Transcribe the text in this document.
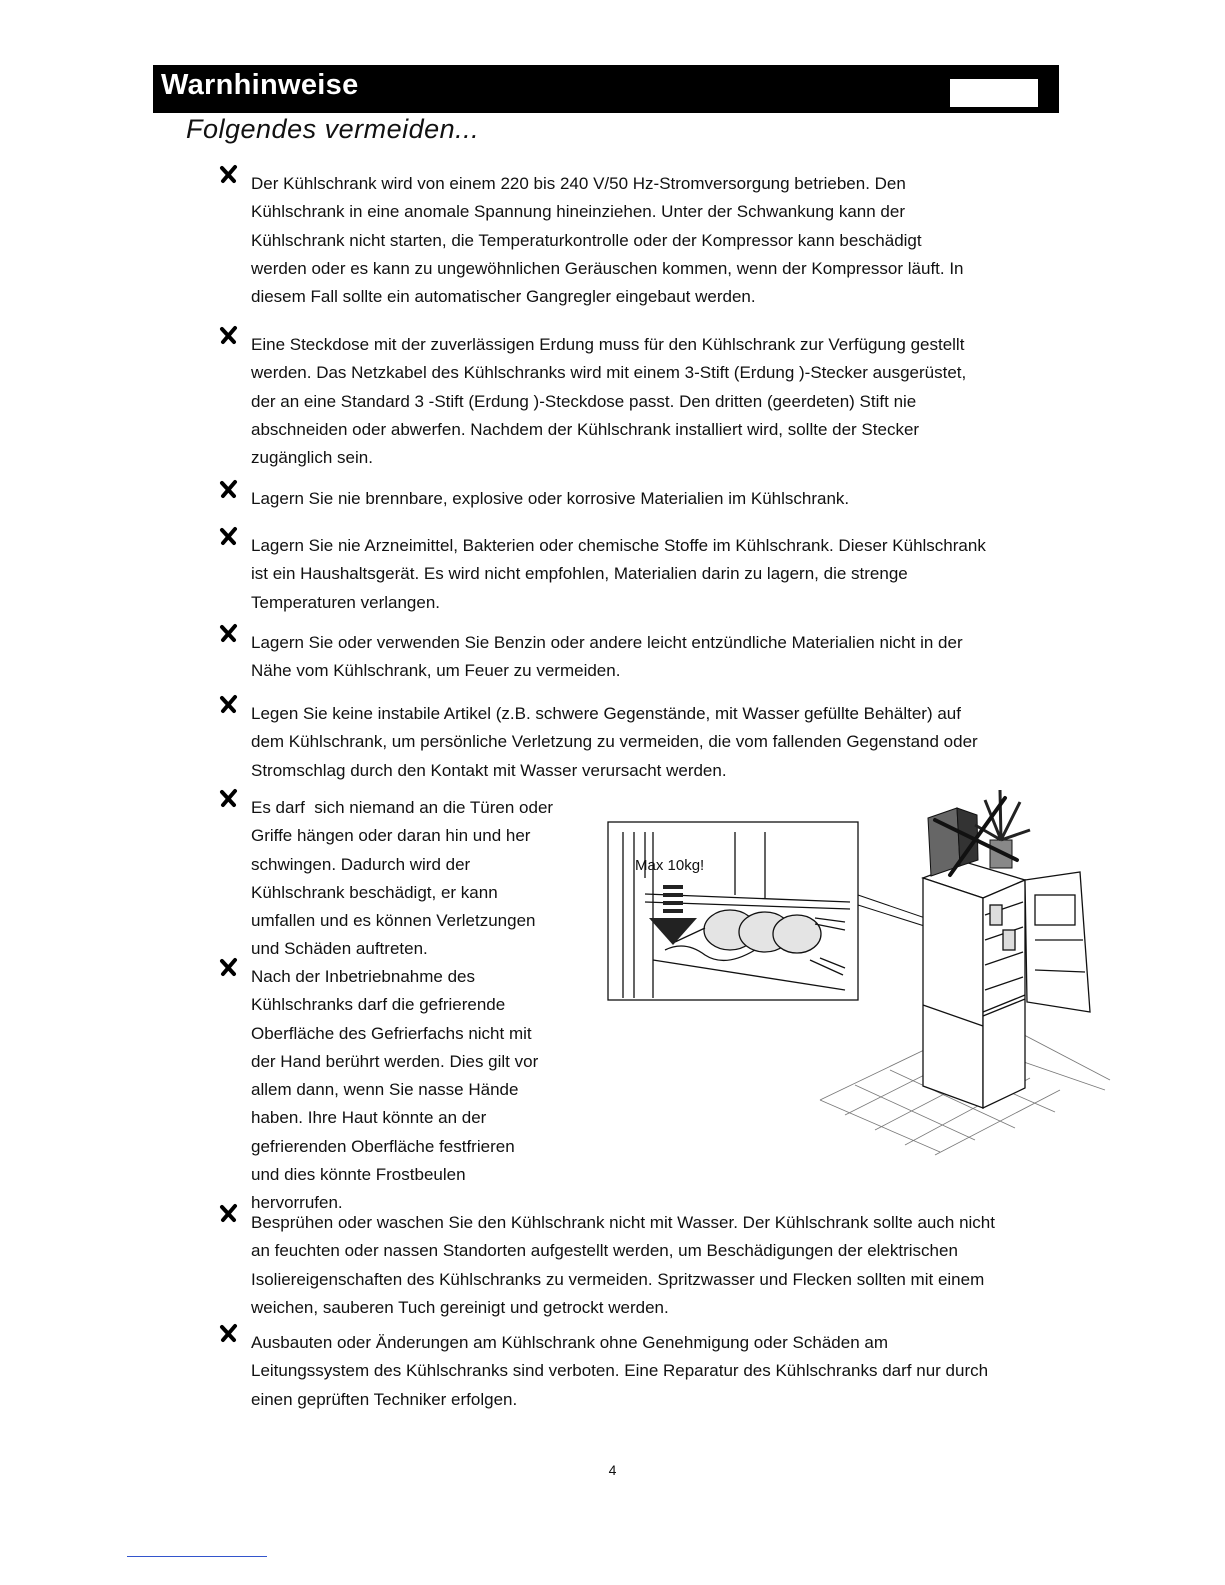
Warnhinweise
Folgendes vermeiden...
Der Kühlschrank wird von einem 220 bis 240 V/50 Hz-Stromversorgung betrieben. Den
Kühlschrank in eine anomale Spannung hineinziehen. Unter der Schwankung kann der
Kühlschrank nicht starten, die Temperaturkontrolle oder der Kompressor kann beschädigt
werden oder es kann zu ungewöhnlichen Geräuschen kommen, wenn der Kompressor läuft. In
diesem Fall sollte ein automatischer Gangregler eingebaut werden.
Eine Steckdose mit der zuverlässigen Erdung muss für den Kühlschrank zur Verfügung gestellt
werden. Das Netzkabel des Kühlschranks wird mit einem 3-Stift (Erdung )-Stecker ausgerüstet,
der an eine Standard 3 -Stift (Erdung )-Steckdose passt. Den dritten (geerdeten) Stift nie
abschneiden oder abwerfen. Nachdem der Kühlschrank installiert wird, sollte der Stecker
zugänglich sein.
Lagern Sie nie brennbare, explosive oder korrosive Materialien im Kühlschrank.
Lagern Sie nie Arzneimittel, Bakterien oder chemische Stoffe im Kühlschrank. Dieser Kühlschrank
ist ein Haushaltsgerät. Es wird nicht empfohlen, Materialien darin zu lagern, die strenge
Temperaturen verlangen.
Lagern Sie oder verwenden Sie Benzin oder andere leicht entzündliche Materialien nicht in der
Nähe vom Kühlschrank, um Feuer zu vermeiden.
Legen Sie keine instabile Artikel (z.B. schwere Gegenstände, mit Wasser gefüllte Behälter) auf
dem Kühlschrank, um persönliche Verletzung zu vermeiden, die vom fallenden Gegenstand oder
Stromschlag durch den Kontakt mit Wasser verursacht werden.
Es darf  sich niemand an die Türen oder
Griffe hängen oder daran hin und her
schwingen. Dadurch wird der
Kühlschrank beschädigt, er kann
umfallen und es können Verletzungen
und Schäden auftreten.
Nach der Inbetriebnahme des
Kühlschranks darf die gefrierende
Oberfläche des Gefrierfachs nicht mit
der Hand berührt werden. Dies gilt vor
allem dann, wenn Sie nasse Hände
haben. Ihre Haut könnte an der
gefrierenden Oberfläche festfrieren
und dies könnte Frostbeulen
hervorrufen.
Besprühen oder waschen Sie den Kühlschrank nicht mit Wasser. Der Kühlschrank sollte auch nicht
an feuchten oder nassen Standorten aufgestellt werden, um Beschädigungen der elektrischen
Isoliereigenschaften des Kühlschranks zu vermeiden. Spritzwasser und Flecken sollten mit einem
weichen, sauberen Tuch gereinigt und getrockt werden.
Ausbauten oder Änderungen am Kühlschrank ohne Genehmigung oder Schäden am
Leitungssystem des Kühlschranks sind verboten. Eine Reparatur des Kühlschranks darf nur durch
einen geprüften Techniker erfolgen.
Max 10kg!
4
